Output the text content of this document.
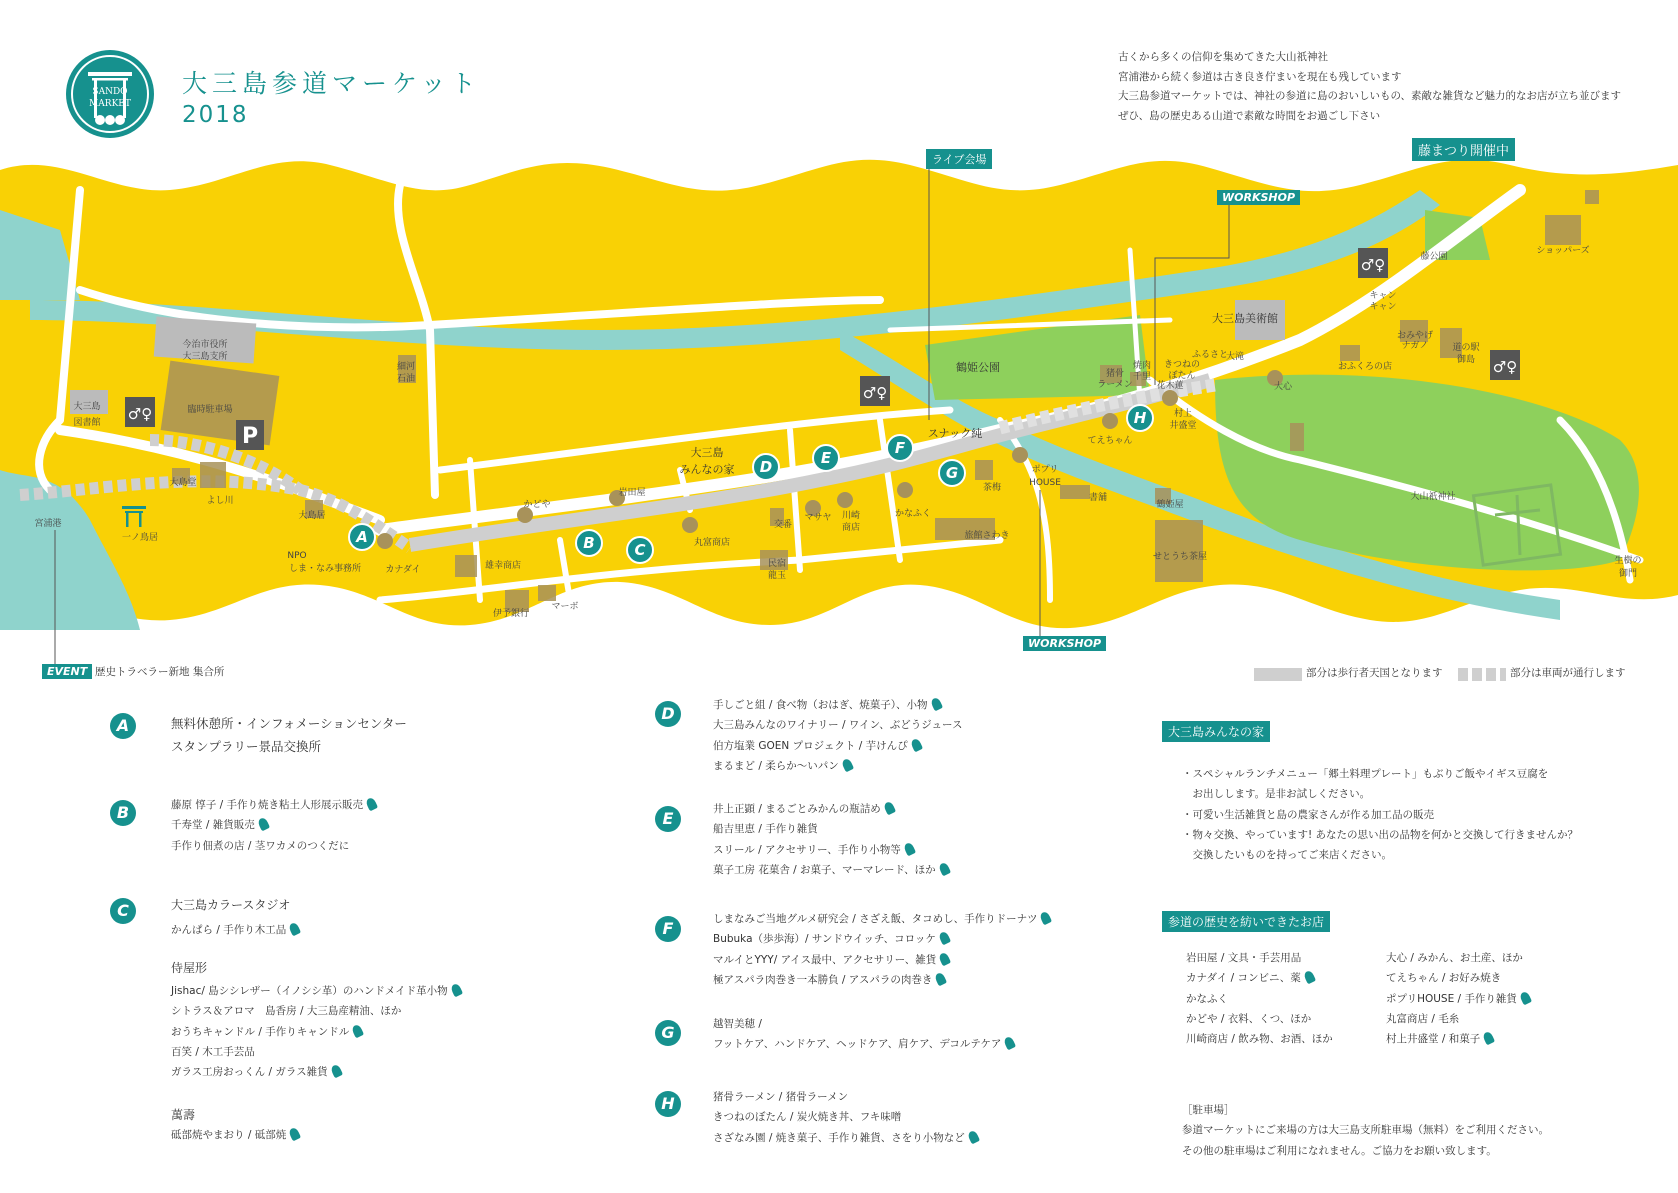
SANDO
MARKET
大三島参道マーケット
2018
古くから多くの信仰を集めてきた大山祇神社
宮浦港から続く参道は古き良き佇まいを現在も残しています
大三島参道マーケットでは、神社の参道に島のおいしいもの、素敵な雑貨など魅力的なお店が立ち並びます
ぜひ、島の歴史ある山道で素敵な時間をお過ごし下さい
P
♂♀
♂♀
♂♀
♂♀
今治市役所
大三島支所
臨時駐車場
大三島
図書館
一ノ鳥居
宮浦港
大島堂
よし川
大島居
NPO
しま・なみ事務所	カナダイ	雄幸商店
伊予銀行
マーボ
細河
石油
かどや
岩田屋
丸富商店
大三島
みんなの家
交番
マサヤ 川崎
商店
かなふく
民宿
龍玉
スナック純
茶梅
旅館さわき
ポプリ
HOUSE
書舗
鶴姫公園
大三島美術館
てえちゃん
村上
井盛堂
鶴姫屋
せとうち茶屋
焼肉
千里
猪骨
ラーメン
きつねの
ぼたん
花木蓮
ふるさと
大滝
大心
おふくろの店
おみやげ
ナガノ	道の駅
御島
キャン
キャン
藤公園
ショッパーズ
大山祇神社
生樹の
御門
A	B	C
D	E
F
G
H
ライブ会場
藤まつり開催中
WORKSHOP
WORKSHOP
EVENT 歴史トラベラー新地 集合所	部分は歩行者天国となります	部分は車両が通行します
A	無料休憩所・インフォメーションセンター
スタンプラリー景品交換所
B	藤原 惇子 / 手作り焼き粘土人形展示販売
千寿堂 / 雑貨販売
手作り佃煮の店 / 茎ワカメのつくだに
C	大三島カラースタジオ
かんぱら / 手作り木工品
侍屋形
Jishac/ 島シシレザー（イノシシ革）のハンドメイド革小物
シトラス＆アロマ　島香房 / 大三島産精油、ほか
おうちキャンドル / 手作りキャンドル
百笑 / 木工手芸品
ガラス工房おっくん / ガラス雑貨
萬壽
砥部焼やまおり / 砥部焼
D	手しごと組 / 食べ物（おはぎ、焼菓子）、小物
大三島みんなのワイナリー / ワイン、ぶどうジュース
伯方塩業 GOEN プロジェクト / 芋けんぴ
まるまど / 柔らか〜いパン
E	井上正顕 / まるごとみかんの瓶詰め
船吉里恵 / 手作り雑貨
スリール / アクセサリー、手作り小物等
菓子工房 花菓舎 / お菓子、マーマレード、ほか
F	しまなみご当地グルメ研究会 / さざえ飯、タコめし、手作りドーナツ
Bubuka（歩歩海）/ サンドウイッチ、コロッケ
マルイとYYY/ アイス最中、アクセサリー、雑貨
極アスパラ肉巻き一本勝負 / アスパラの肉巻き
G	越智美穂 /
フットケア、ハンドケア、ヘッドケア、肩ケア、デコルテケア
H	猪骨ラーメン / 猪骨ラーメン
きつねのぼたん / 炭火焼き丼、フキ味噌
さざなみ園 / 焼き菓子、手作り雑貨、さをり小物など
大三島みんなの家
・スペシャルランチメニュー「郷土料理プレート」もぶりご飯やイギス豆腐を
　お出しします。是非お試しください。
・可愛い生活雑貨と島の農家さんが作る加工品の販売
・物々交換、やっています! あなたの思い出の品物を何かと交換して行きませんか？
　交換したいものを持ってご来店ください。
参道の歴史を紡いできたお店
岩田屋 / 文具・手芸用品
カナダイ / コンビニ、薬
かなふく
かどや / 衣料、くつ、ほか
川崎商店 / 飲み物、お酒、ほか
大心 / みかん、お土産、ほか
てえちゃん / お好み焼き
ポプリHOUSE / 手作り雑貨
丸富商店 / 毛糸
村上井盛堂 / 和菓子
［駐車場］
参道マーケットにご来場の方は大三島支所駐車場（無料）をご利用ください。
その他の駐車場はご利用になれません。ご協力をお願い致します。
